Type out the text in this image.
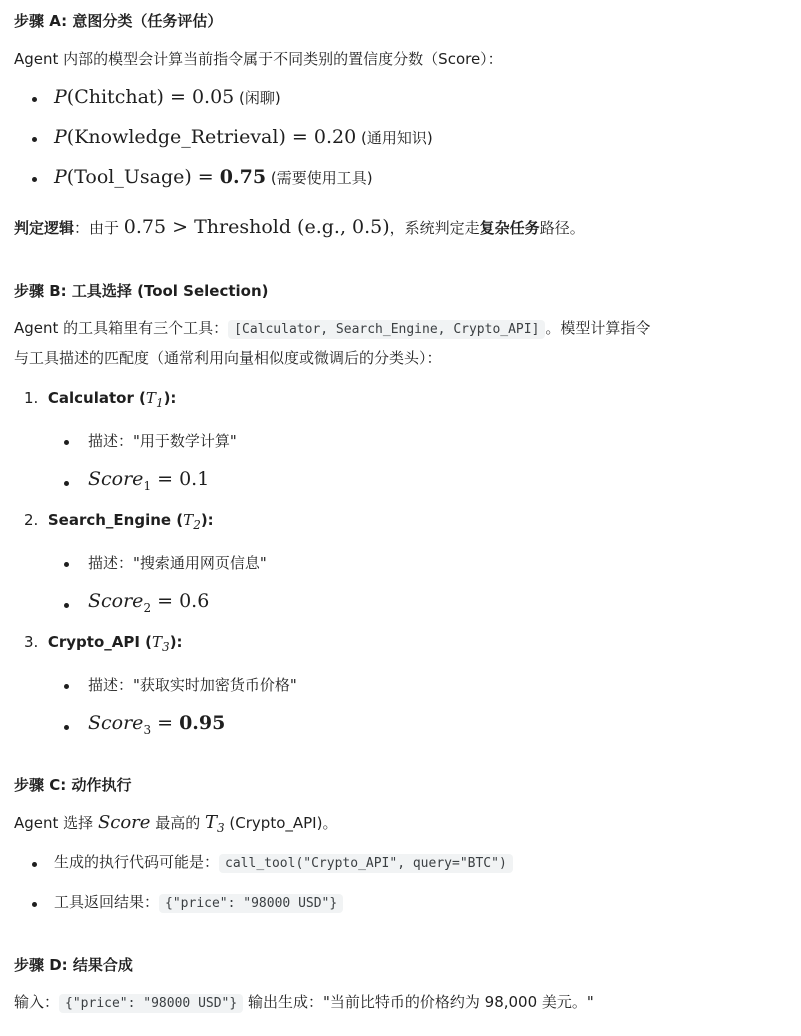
步骤 A: 意图分类（任务评估）
Agent 内部的模型会计算当前指令属于不同类别的置信度分数（Score）：
P(Chitchat) = 0.05 (闲聊)
P(Knowledge_Retrieval) = 0.20 (通用知识)
P(Tool_Usage) = 0.75 (需要使用工具)
判定逻辑：由于 0.75 > Threshold (e.g., 0.5)，系统判定走复杂任务路径。
步骤 B: 工具选择 (Tool Selection)
Agent 的工具箱里有三个工具： [Calculator, Search_Engine, Crypto_API] 。模型计算指令
与工具描述的匹配度（通常利用向量相似度或微调后的分类头）：
1. Calculator $(T_1)$:
描述："用于数学计算"
Score$_1$ = 0.1
2. Search_Engine $(T_2)$:
描述："搜索通用网页信息"
Score$_2$ = 0.6
3. Crypto_API $(T_3)$:
描述："获取实时加密货币价格"
Score$_3$ = 0.95
步骤 C: 动作执行
Agent 选择 Score 最高的 $T_3$ (Crypto_API)。
生成的执行代码可能是： call_tool("Crypto_API", query="BTC")
工具返回结果： {"price": "98000 USD"}
步骤 D: 结果合成
输入： {"price": "98000 USD"} 输出生成："当前比特币的价格约为 98,000 美元。"
